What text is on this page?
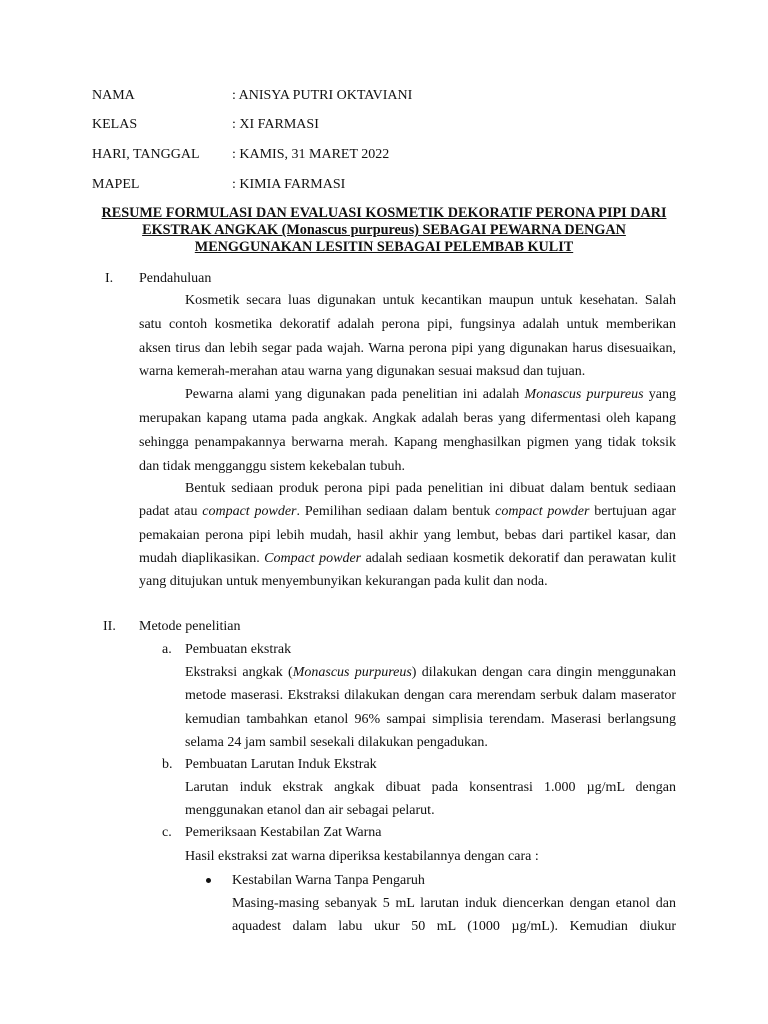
NAMA	: ANISYA PUTRI OKTAVIANI
KELAS	: XI FARMASI
HARI, TANGGAL : KAMIS, 31 MARET 2022
MAPEL	: KIMIA FARMASI
RESUME FORMULASI DAN EVALUASI KOSMETIK DEKORATIF PERONA PIPI DARI
EKSTRAK ANGKAK (Monascus purpureus) SEBAGAI PEWARNA DENGAN
MENGGUNAKAN LESITIN SEBAGAI PELEMBAB KULIT
I. Pendahuluan
Kosmetik secara luas digunakan untuk kecantikan maupun untuk kesehatan. Salah
satu contoh kosmetika dekoratif adalah perona pipi, fungsinya adalah untuk memberikan
aksen tirus dan lebih segar pada wajah. Warna perona pipi yang digunakan harus disesuaikan,
warna kemerah-merahan atau warna yang digunakan sesuai maksud dan tujuan.
Pewarna alami yang digunakan pada penelitian ini adalah Monascus purpureus yang
merupakan kapang utama pada angkak. Angkak adalah beras yang difermentasi oleh kapang
sehingga penampakannya berwarna merah. Kapang menghasilkan pigmen yang tidak toksik
dan tidak mengganggu sistem kekebalan tubuh.
Bentuk sediaan produk perona pipi pada penelitian ini dibuat dalam bentuk sediaan
padat atau compact powder. Pemilihan sediaan dalam bentuk compact powder bertujuan agar
pemakaian perona pipi lebih mudah, hasil akhir yang lembut, bebas dari partikel kasar, dan
mudah diaplikasikan. Compact powder adalah sediaan kosmetik dekoratif dan perawatan kulit
yang ditujukan untuk menyembunyikan kekurangan pada kulit dan noda.
II. Metode penelitian
a. Pembuatan ekstrak
Ekstraksi angkak (Monascus purpureus) dilakukan dengan cara dingin menggunakan
metode maserasi. Ekstraksi dilakukan dengan cara merendam serbuk dalam maserator
kemudian tambahkan etanol 96% sampai simplisia terendam. Maserasi berlangsung
selama 24 jam sambil sesekali dilakukan pengadukan.
b. Pembuatan Larutan Induk Ekstrak
Larutan induk ekstrak angkak dibuat pada konsentrasi 1.000 µg/mL dengan
menggunakan etanol dan air sebagai pelarut.
c. Pemeriksaan Kestabilan Zat Warna
Hasil ekstraksi zat warna diperiksa kestabilannya dengan cara :
Kestabilan Warna Tanpa Pengaruh
Masing-masing sebanyak 5 mL larutan induk diencerkan dengan etanol dan
aquadest dalam labu ukur 50 mL (1000 µg/mL). Kemudian diukur
